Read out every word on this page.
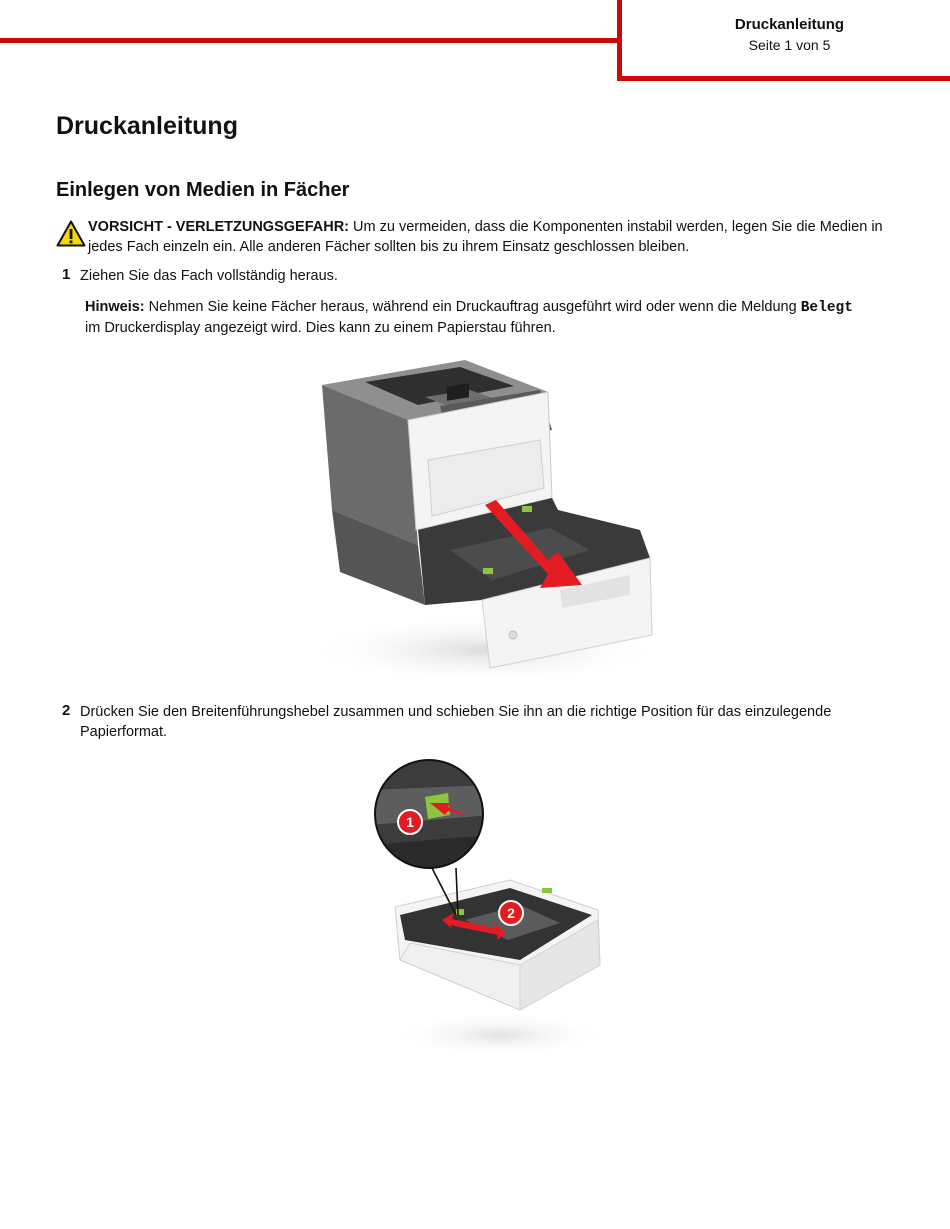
Druckanleitung
Seite 1 von 5
Druckanleitung
Einlegen von Medien in Fächer
VORSICHT - VERLETZUNGSGEFAHR: Um zu vermeiden, dass die Komponenten instabil werden, legen Sie die Medien in jedes Fach einzeln ein. Alle anderen Fächer sollten bis zu ihrem Einsatz geschlossen bleiben.
1 Ziehen Sie das Fach vollständig heraus.
Hinweis: Nehmen Sie keine Fächer heraus, während ein Druckauftrag ausgeführt wird oder wenn die Meldung Belegt
im Druckerdisplay angezeigt wird. Dies kann zu einem Papierstau führen.
2 Drücken Sie den Breitenführungshebel zusammen und schieben Sie ihn an die richtige Position für das einzulegende Papierformat.
1
2
